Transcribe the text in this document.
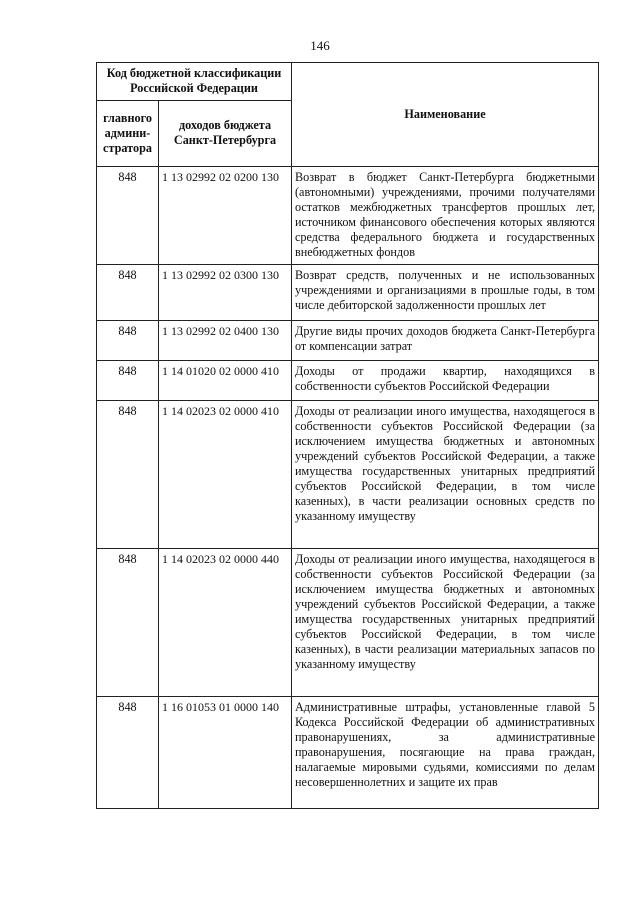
146
Код бюджетной классификации Российской Федерации		Наименование
главного админи-стратора	доходов бюджета Санкт-Петербурга	
848	1 13 02992 02 0200 130	Возврат в бюджет Санкт-Петербурга бюджетными (автономными) учреждениями, прочими получателями остатков межбюджетных трансфертов прошлых лет, источником финансового обеспечения которых являются средства федерального бюджета и государственных внебюджетных фондов
848	1 13 02992 02 0300 130	Возврат средств, полученных и не использованных учреждениями и организациями в прошлые годы, в том числе дебиторской задолженности прошлых лет
848	1 13 02992 02 0400 130	Другие виды прочих доходов бюджета Санкт-Петербурга от компенсации затрат
848	1 14 01020 02 0000 410	Доходы от продажи квартир, находящихся в собственности субъектов Российской Федерации
848	1 14 02023 02 0000 410	Доходы от реализации иного имущества, находящегося в собственности субъектов Российской Федерации (за исключением имущества бюджетных и автономных учреждений субъектов Российской Федерации, а также имущества государственных унитарных предприятий субъектов Российской Федерации, в том числе казенных), в части реализации основных средств по указанному имуществу
848	1 14 02023 02 0000 440	Доходы от реализации иного имущества, находящегося в собственности субъектов Российской Федерации (за исключением имущества бюджетных и автономных учреждений субъектов Российской Федерации, а также имущества государственных унитарных предприятий субъектов Российской Федерации, в том числе казенных), в части реализации материальных запасов по указанному имуществу
848	1 16 01053 01 0000 140	Административные штрафы, установленные главой 5 Кодекса Российской Федерации об административных правонарушениях, за административные правонарушения, посягающие на права граждан, налагаемые мировыми судьями, комиссиями по делам несовершеннолетних и защите их прав
